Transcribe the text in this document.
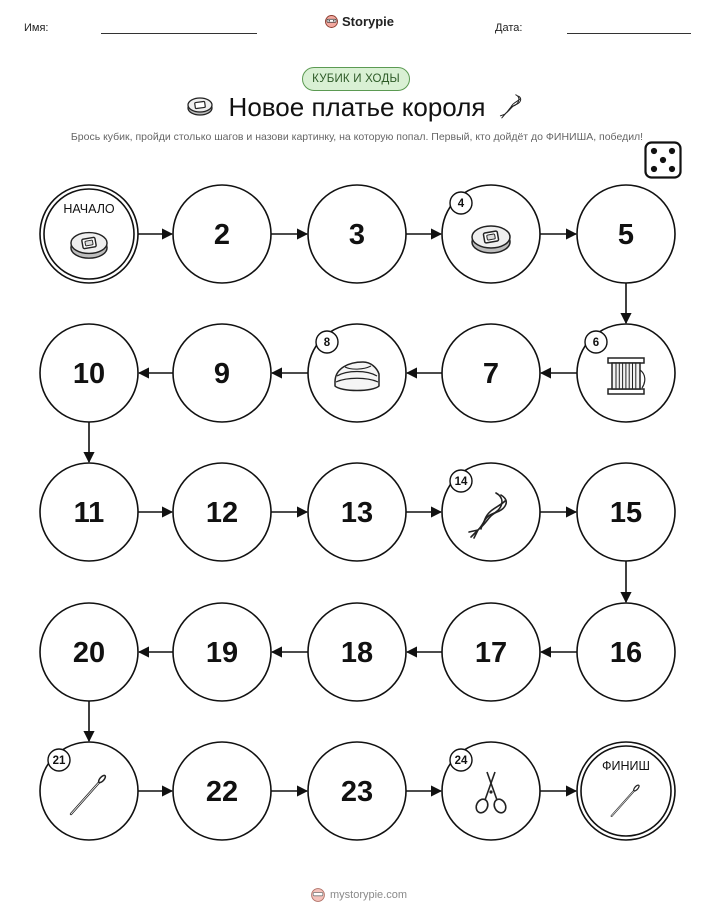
Имя:	Storypie	Дата:
КУБИК И ХОДЫ
Новое платье короля
Брось кубик, пройди столько шагов и назови картинку, на которую попал. Первый, кто дойдёт до ФИНИША, победил!
НАЧАЛО
2	3
4
5
6
7
8
9
10
11	12	13
14
15
16
17
18
19
20
21
22	23
24	ФИНИШ
mystorypie.com
